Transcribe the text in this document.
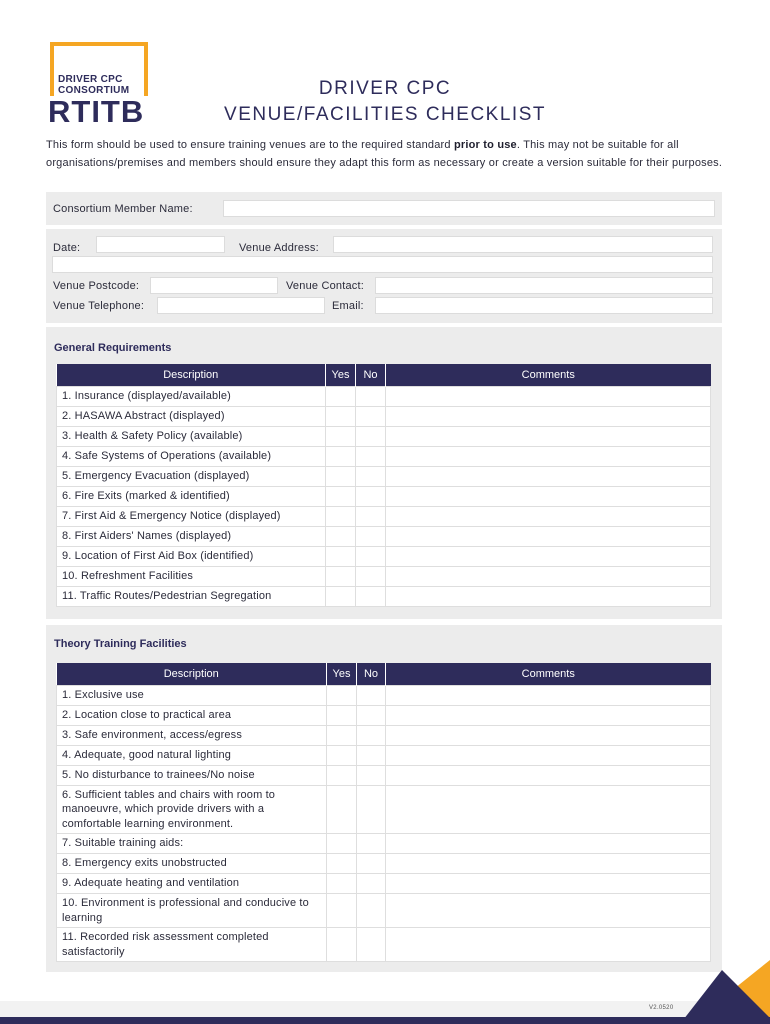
DRIVER CPC
CONSORTIUM
RTITB
DRIVER CPC
VENUE/FACILITIES CHECKLIST
This form should be used to ensure training venues are to the required standard prior to use. This may not be suitable for all organisations/premises and members should ensure they adapt this form as necessary or create a version suitable for their purposes.
Consortium Member Name:
Date:	Venue Address:
Venue Postcode:	Venue Contact:
Venue Telephone:	Email:
General Requirements
Description	Yes	No	Comments
1. Insurance (displayed/available)			
2. HASAWA Abstract (displayed)			
3. Health & Safety Policy (available)			
4. Safe Systems of Operations (available)			
5. Emergency Evacuation (displayed)			
6. Fire Exits (marked & identified)			
7. First Aid & Emergency Notice (displayed)			
8. First Aiders' Names (displayed)			
9. Location of First Aid Box (identified)			
10. Refreshment Facilities			
11. Traffic Routes/Pedestrian Segregation			
Theory Training Facilities
Description	Yes	No	Comments
1. Exclusive use			
2. Location close to practical area			
3. Safe environment, access/egress			
4. Adequate, good natural lighting			
5. No disturbance to trainees/No noise			
6. Sufficient tables and chairs with room to manoeuvre, which provide drivers with a comfortable learning environment.			
7. Suitable training aids:			
8. Emergency exits unobstructed			
9. Adequate heating and ventilation			
10. Environment is professional and conducive to learning			
11. Recorded risk assessment completed satisfactorily			
V2.0520
